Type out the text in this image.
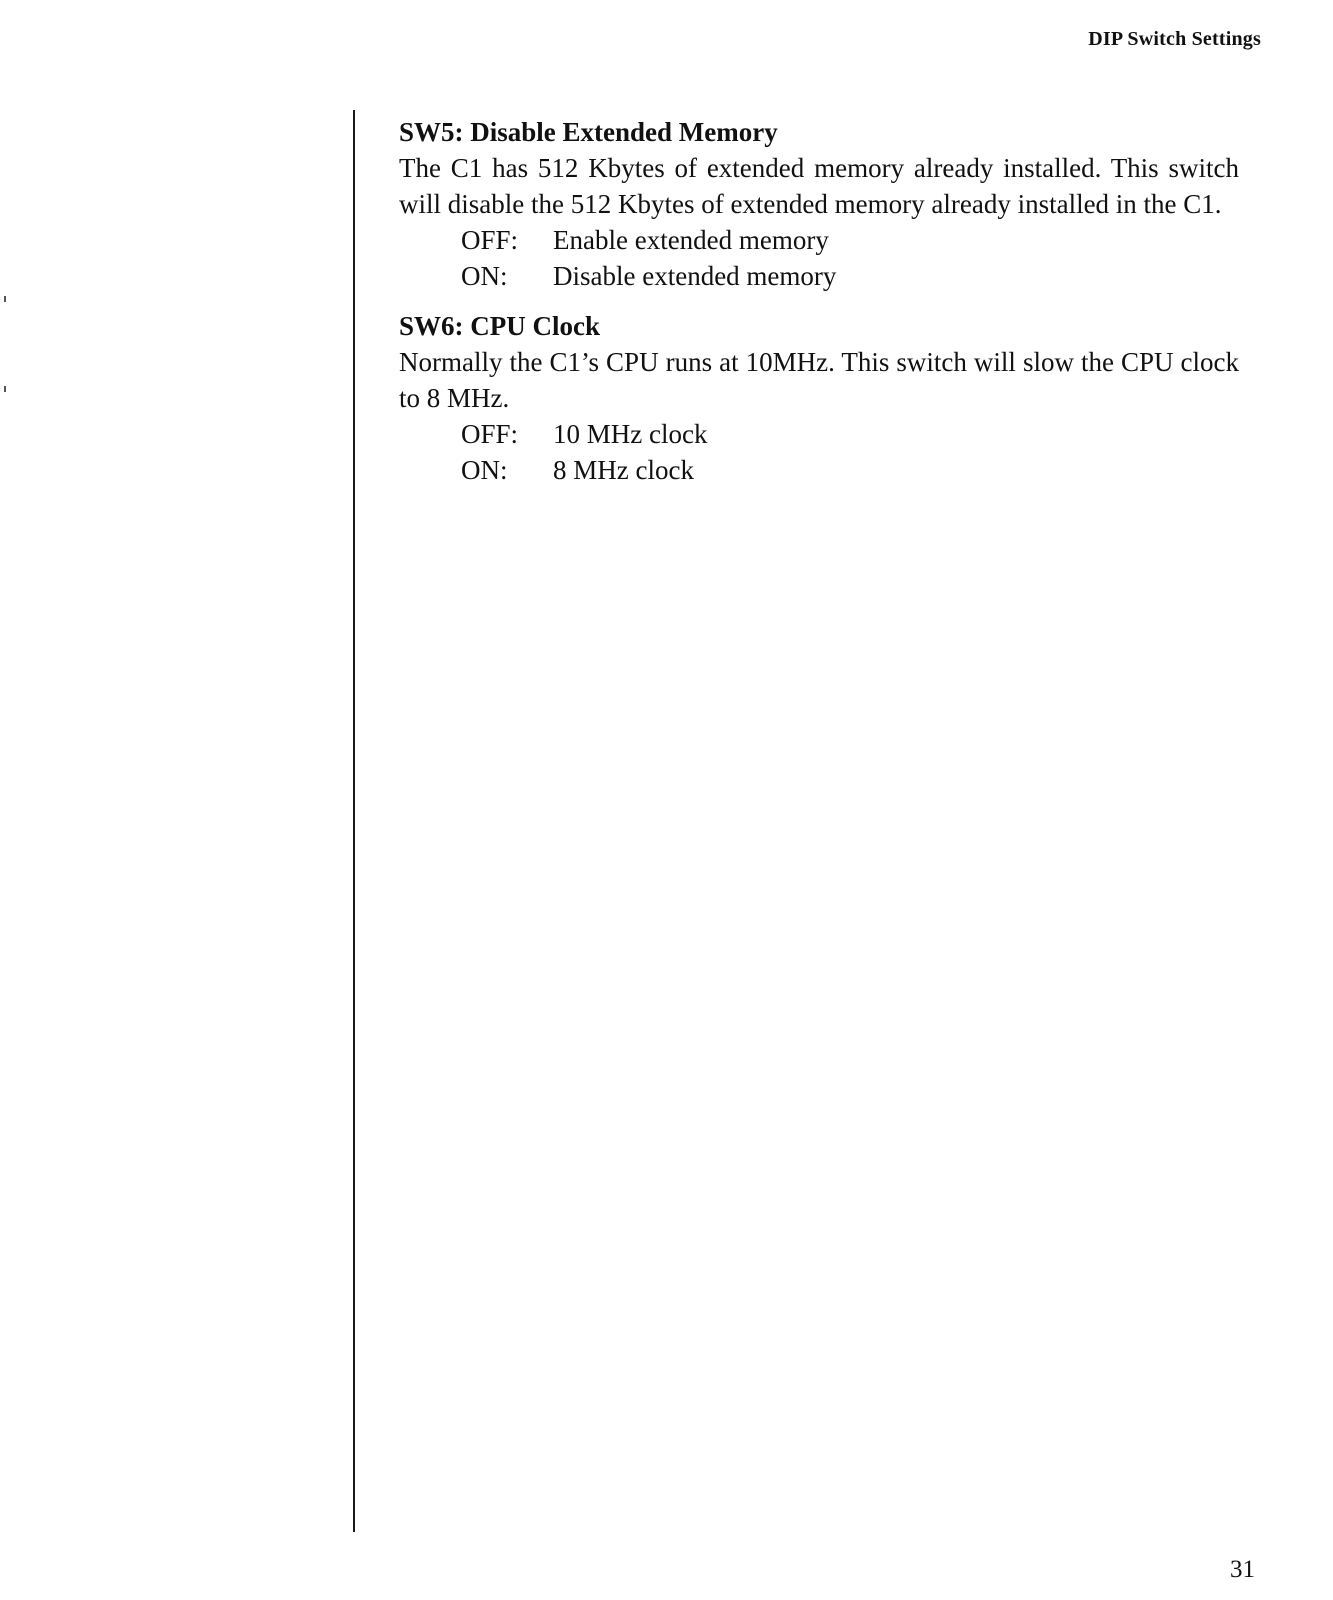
DIP Switch Settings
SW5: Disable Extended Memory

The C1 has 512 Kbytes of extended memory already installed. This switch will disable the 512 Kbytes of extended memory already installed in the C1.

OFF:	Enable extended memory
ON:	Disable extended memory
SW6: CPU Clock

Normally the C1’s CPU runs at 10MHz. This switch will slow the CPU clock to 8 MHz.

OFF:	10 MHz clock
ON:	8 MHz clock
31
